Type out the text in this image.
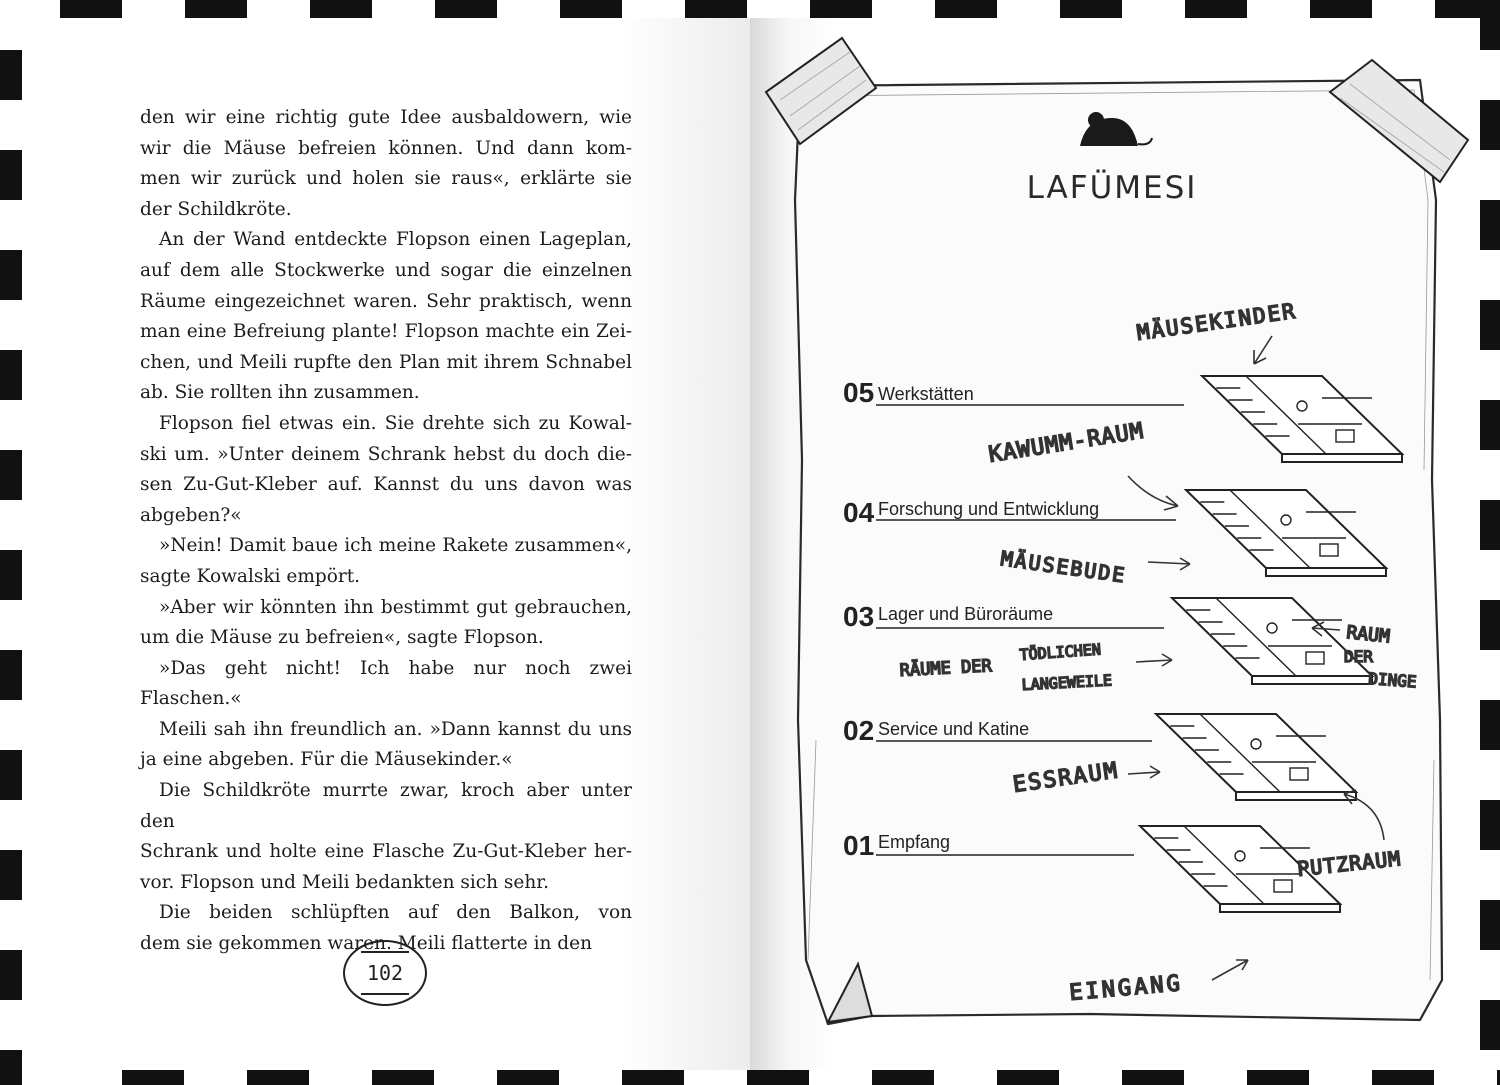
den wir eine richtig gute Idee ausbaldowern, wie

wir die Mäuse befreien können. Und dann kom-

men wir zurück und holen sie raus«, erklärte sie

der Schildkröte.

An der Wand entdeckte Flopson einen Lageplan,

auf dem alle Stockwerke und sogar die einzelnen

Räume eingezeichnet waren. Sehr praktisch, wenn

man eine Befreiung plante! Flopson machte ein Zei-

chen, und Meili rupfte den Plan mit ihrem Schnabel

ab. Sie rollten ihn zusammen.

Flopson fiel etwas ein. Sie drehte sich zu Kowal-

ski um. »Unter deinem Schrank hebst du doch die-

sen Zu-Gut-Kleber auf. Kannst du uns davon was

abgeben?«

»Nein! Damit baue ich meine Rakete zusammen«,

sagte Kowalski empört.

»Aber wir könnten ihn bestimmt gut gebrauchen,

um die Mäuse zu befreien«, sagte Flopson.

»Das geht nicht! Ich habe nur noch zwei Flaschen.«

Meili sah ihn freundlich an. »Dann kannst du uns

ja eine abgeben. Für die Mäusekinder.«

Die Schildkröte murrte zwar, kroch aber unter den

Schrank und holte eine Flasche Zu-Gut-Kleber her-

vor. Flopson und Meili bedankten sich sehr.

Die beiden schlüpften auf den Balkon, von

dem sie gekommen waren. Meili flatterte in den

102
LAFÜMESI
05 Werkstätten
04 Forschung und Entwicklung
03 Lager und Büroräume
02 Service und Katine
01 Empfang
MÄUSEKINDER
KAWUMM-RAUM
MÄUSEBUDE
RAUM
DER
DINGE
RÄUME DER
TÖDLICHEN
LANGEWEILE
ESSRAUM
PUTZRAUM
EINGANG
